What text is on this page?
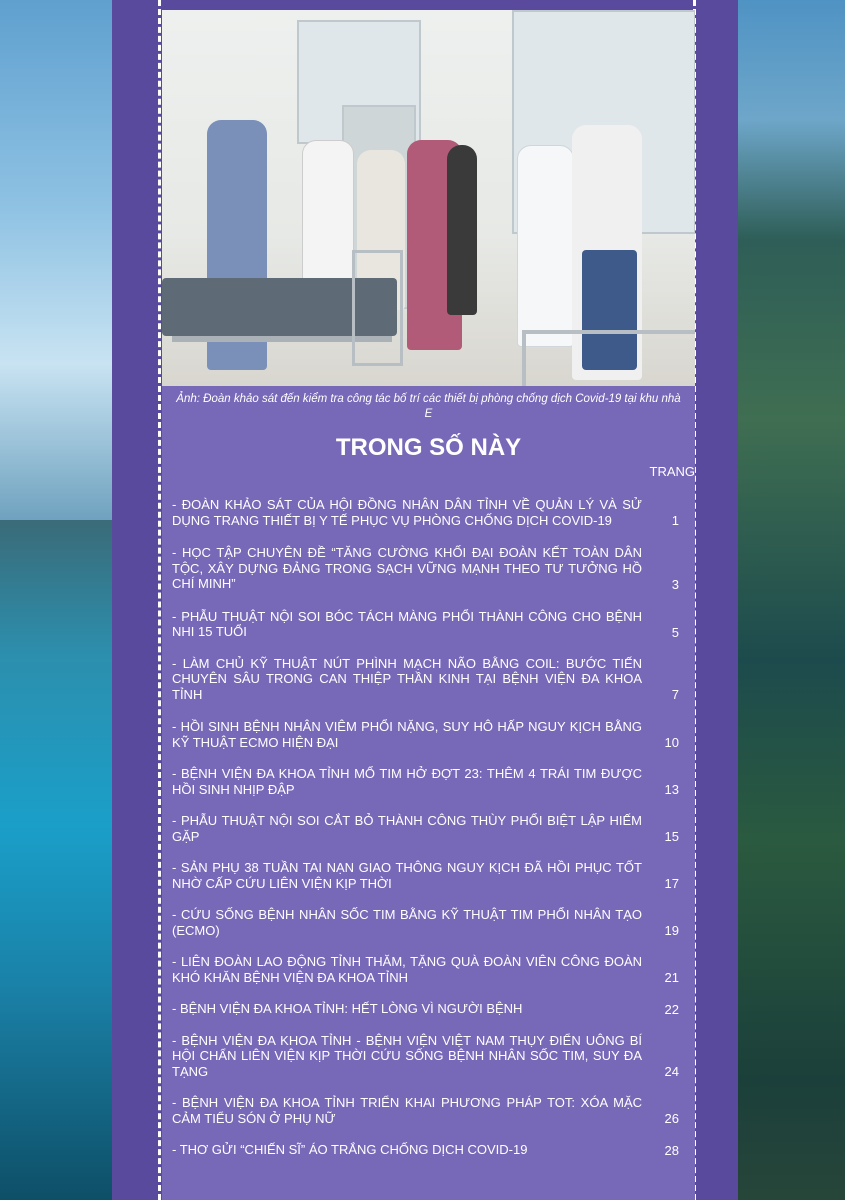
Ảnh: Đoàn khảo sát đến kiểm tra công tác bố trí các thiết bị phòng chống dịch Covid-19 tại khu nhà E
TRONG SỐ NÀY
TRANG
- ĐOÀN KHẢO SÁT CỦA HỘI ĐỒNG NHÂN DÂN TỈNH VỀ QUẢN LÝ VÀ SỬ DỤNG TRANG THIẾT BỊ Y TẾ PHỤC VỤ PHÒNG CHỐNG DỊCH COVID-19	1
- HỌC TẬP CHUYÊN ĐỀ “TĂNG CƯỜNG KHỐI ĐẠI ĐOÀN KẾT TOÀN DÂN TỘC, XÂY DỰNG ĐẢNG TRONG SẠCH VỮNG MẠNH THEO TƯ TƯỞNG HỒ CHÍ MINH”	3
- PHẪU THUẬT NỘI SOI BÓC TÁCH MÀNG PHỔI THÀNH CÔNG CHO BỆNH NHI 15 TUỔI	5
- LÀM CHỦ KỸ THUẬT NÚT PHÌNH MẠCH NÃO BẰNG COIL: BƯỚC TIẾN CHUYÊN SÂU TRONG CAN THIỆP THẦN KINH TẠI BỆNH VIỆN ĐA KHOA TỈNH	7
- HỒI SINH BỆNH NHÂN VIÊM PHỔI NẶNG, SUY HÔ HẤP NGUY KỊCH BẰNG KỸ THUẬT ECMO HIỆN ĐẠI	10
- BỆNH VIỆN ĐA KHOA TỈNH MỔ TIM HỞ ĐỢT 23: THÊM 4 TRÁI TIM ĐƯỢC HỒI SINH NHỊP ĐẬP	13
- PHẪU THUẬT NỘI SOI CẮT BỎ THÀNH CÔNG THÙY PHỔI BIỆT LẬP HIẾM GẶP	15
- SẢN PHỤ 38 TUẦN TAI NẠN GIAO THÔNG NGUY KỊCH ĐÃ HỒI PHỤC TỐT NHỜ CẤP CỨU LIÊN VIỆN KỊP THỜI	17
- CỨU SỐNG BỆNH NHÂN SỐC TIM BẰNG KỸ THUẬT TIM PHỔI NHÂN TẠO (ECMO)	19
- LIÊN ĐOÀN LAO ĐỘNG TỈNH THĂM, TẶNG QUÀ ĐOÀN VIÊN CÔNG ĐOÀN KHÓ KHĂN BỆNH VIỆN ĐA KHOA TỈNH	21
- BỆNH VIỆN ĐA KHOA TỈNH: HẾT LÒNG VÌ NGƯỜI BỆNH	22
- BỆNH VIỆN ĐA KHOA TỈNH - BỆNH VIỆN VIỆT NAM THỤY ĐIỂN UÔNG BÍ HỘI CHẨN LIÊN VIỆN KỊP THỜI CỨU SỐNG BỆNH NHÂN SỐC TIM, SUY ĐA TẠNG	24
- BỆNH VIỆN ĐA KHOA TỈNH TRIỂN KHAI PHƯƠNG PHÁP TOT: XÓA MẶC CẢM TIỂU SÓN Ở PHỤ NỮ	26
- THƠ GỬI “CHIẾN SĨ” ÁO TRẮNG CHỐNG DỊCH COVID-19	28
